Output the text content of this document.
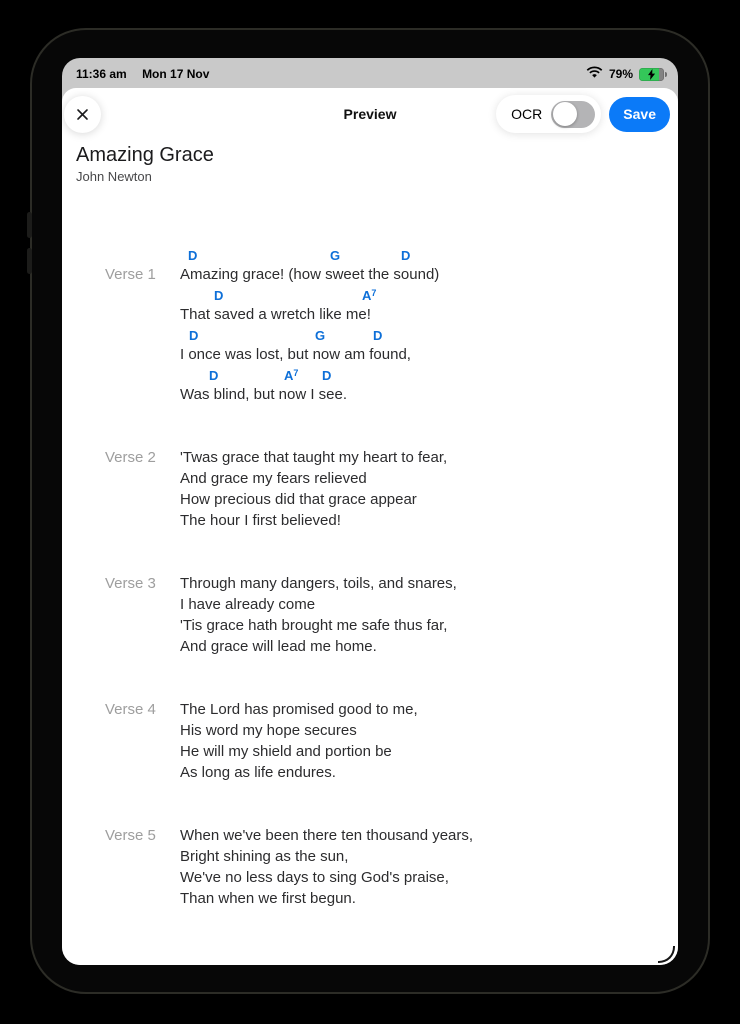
11:36 am Mon 17 Nov	79%
Preview	OCR	Save
Amazing Grace
John Newton
Verse 1
D	G	D
Amazing grace! (how sweet the sound)
D	$A^7$
That saved a wretch like me!
D	G	D
I once was lost, but now am found,
D	$A^7$ D
Was blind, but now I see.
Verse 2	'Twas grace that taught my heart to fear,
And grace my fears relieved
How precious did that grace appear
The hour I first believed!
Verse 3	Through many dangers, toils, and snares,
I have already come
'Tis grace hath brought me safe thus far,
And grace will lead me home.
Verse 4	The Lord has promised good to me,
His word my hope secures
He will my shield and portion be
As long as life endures.
Verse 5	When we've been there ten thousand years,
Bright shining as the sun,
We've no less days to sing God's praise,
Than when we first begun.
